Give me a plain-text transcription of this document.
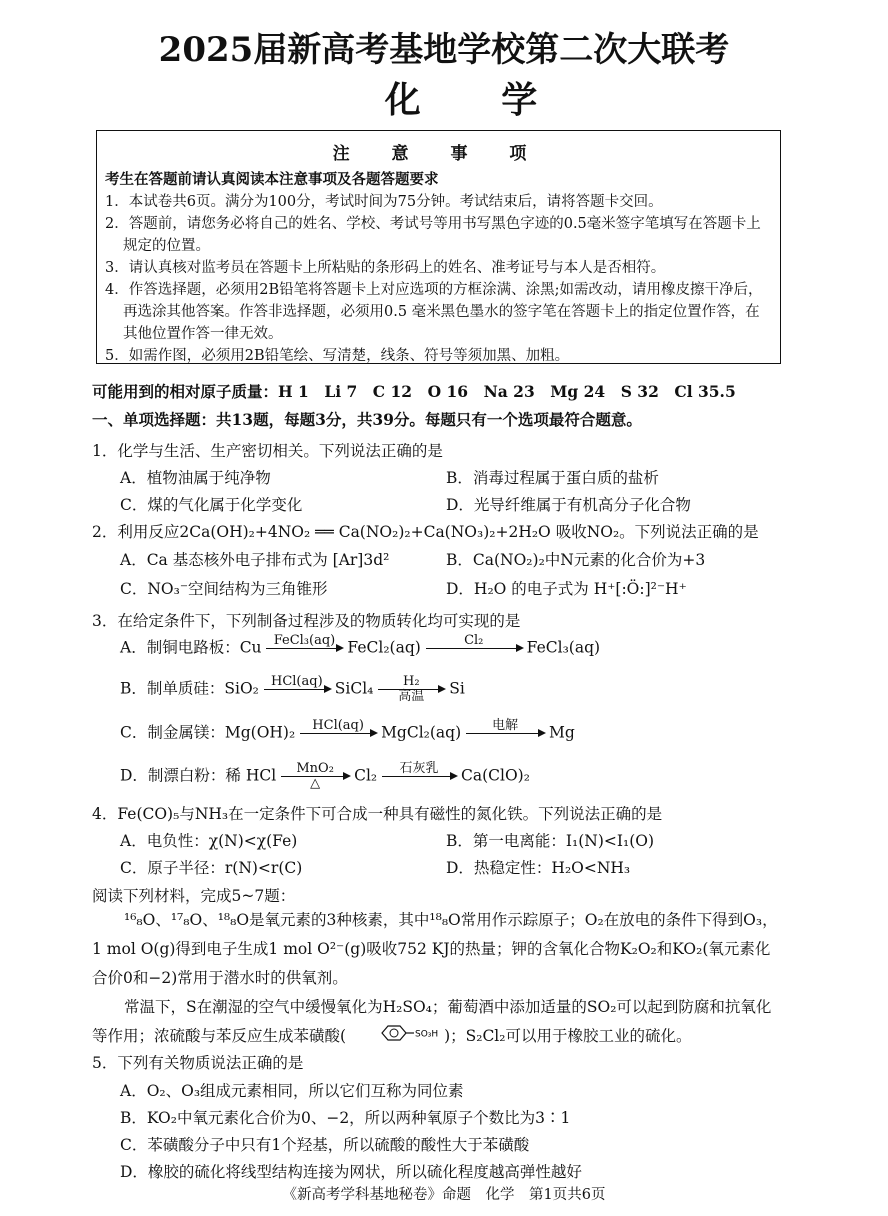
2025届新高考基地学校第二次大联考
化 学
注 意 事 项
考生在答题前请认真阅读本注意事项及各题答题要求
1．本试卷共6页。满分为100分，考试时间为75分钟。考试结束后，请将答题卡交回。
2．答题前，请您务必将自己的姓名、学校、考试号等用书写黑色字迹的0.5毫米签字笔填写在答题卡上规定的位置。
3．请认真核对监考员在答题卡上所粘贴的条形码上的姓名、准考证号与本人是否相符。
4．作答选择题，必须用2B铅笔将答题卡上对应选项的方框涂满、涂黑;如需改动，请用橡皮擦干净后，再选涂其他答案。作答非选择题，必须用0.5 毫米黑色墨水的签字笔在答题卡上的指定位置作答，在其他位置作答一律无效。
5．如需作图，必须用2B铅笔绘、写清楚，线条、符号等须加黑、加粗。
可能用到的相对原子质量：H 1　Li 7　C 12　O 16　Na 23　Mg 24　S 32　Cl 35.5
一、单项选择题：共13题，每题3分，共39分。每题只有一个选项最符合题意。
1．化学与生活、生产密切相关。下列说法正确的是
A．植物油属于纯净物	B．消毒过程属于蛋白质的盐析
C．煤的气化属于化学变化	D．光导纤维属于有机高分子化合物
2．利用反应2Ca(OH)₂+4NO₂ ══ Ca(NO₂)₂+Ca(NO₃)₂+2H₂O 吸收NO₂。下列说法正确的是
A．Ca 基态核外电子排布式为 [Ar]3d²	B．Ca(NO₂)₂中N元素的化合价为+3
C．NO₃⁻空间结构为三角锥形	D．H₂O 的电子式为 H⁺[:Ö:]²⁻H⁺
3．在给定条件下，下列制备过程涉及的物质转化均可实现的是
A．制铜电路板：Cu FeCl₃(aq)
FeCl₂(aq)	Cl₂
	FeCl₃(aq)
B．制单质硅：SiO₂ HCl(aq)
SiCl₄	H₂
高温	Si
C．制金属镁：Mg(OH)₂	HCl(aq)
	MgCl₂(aq)	电解
	Mg
D．制漂白粉：稀 HCl	MnO₂
△	Cl₂	石灰乳
	Ca(ClO)₂
4．Fe(CO)₅与NH₃在一定条件下可合成一种具有磁性的氮化铁。下列说法正确的是
A．电负性：χ(N)<χ(Fe)	B．第一电离能：I₁(N)<I₁(O)
C．原子半径：r(N)<r(C)	D．热稳定性：H₂O<NH₃
阅读下列材料，完成5~7题：
¹⁶₈O、¹⁷₈O、¹⁸₈O是氧元素的3种核素，其中¹⁸₈O常用作示踪原子；O₂在放电的条件下得到O₃，1 mol O(g)得到电子生成1 mol O²⁻(g)吸收752 KJ的热量；钾的含氧化合物K₂O₂和KO₂(氧元素化合价0和−2)常用于潜水时的供氧剂。
常温下，S在潮湿的空气中缓慢氧化为H₂SO₄；葡萄酒中添加适量的SO₂可以起到防腐和抗氧化等作用；浓硫酸与苯反应生成苯磺酸(	SO₃H )；S₂Cl₂可以用于橡胶工业的硫化。
5．下列有关物质说法正确的是
A．O₂、O₃组成元素相同，所以它们互称为同位素
B．KO₂中氧元素化合价为0、−2，所以两种氧原子个数比为3∶1
C．苯磺酸分子中只有1个羟基，所以硫酸的酸性大于苯磺酸
D．橡胶的硫化将线型结构连接为网状，所以硫化程度越高弹性越好
《新高考学科基地秘卷》命题　化学　第1页共6页
